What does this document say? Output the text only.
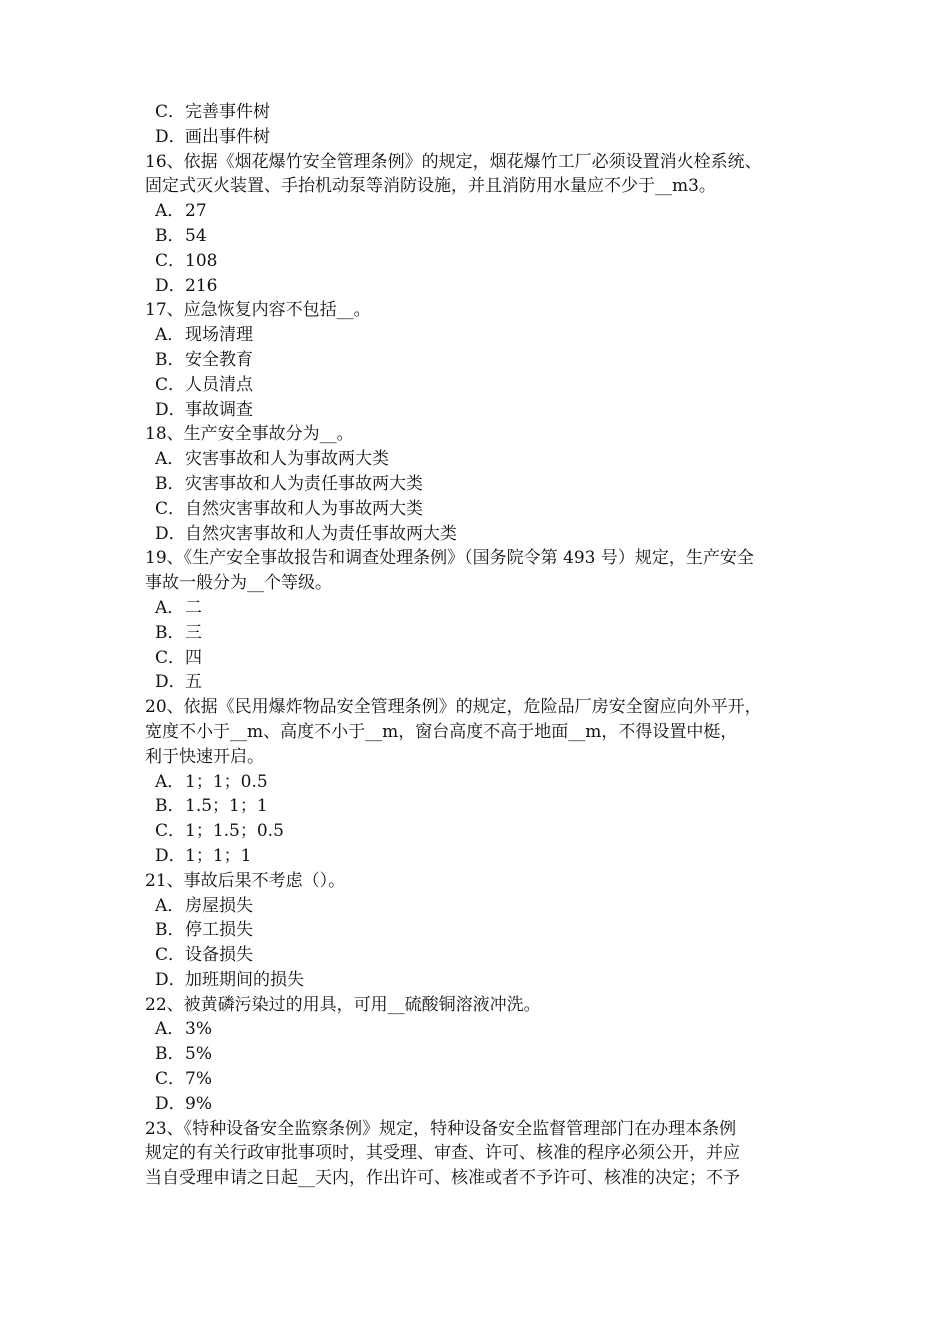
C．完善事件树
D．画出事件树
16、依据《烟花爆竹安全管理条例》的规定，烟花爆竹工厂必须设置消火栓系统、
固定式灭火装置、手抬机动泵等消防设施，并且消防用水量应不少于__m3。
A．27
B．54
C．108
D．216
17、应急恢复内容不包括__。
A．现场清理
B．安全教育
C．人员清点
D．事故调查
18、生产安全事故分为__。
A．灾害事故和人为事故两大类
B．灾害事故和人为责任事故两大类
C．自然灾害事故和人为事故两大类
D．自然灾害事故和人为责任事故两大类
19、《生产安全事故报告和调查处理条例》（国务院令第 493 号）规定，生产安全
事故一般分为__个等级。
A．二
B．三
C．四
D．五
20、依据《民用爆炸物品安全管理条例》的规定，危险品厂房安全窗应向外平开，
宽度不小于__m、高度不小于__m，窗台高度不高于地面__m，不得设置中梃，
利于快速开启。
A．1；1；0.5
B．1.5；1；1
C．1；1.5；0.5
D．1；1；1
21、事故后果不考虑（）。
A．房屋损失
B．停工损失
C．设备损失
D．加班期间的损失
22、被黄磷污染过的用具，可用__硫酸铜溶液冲洗。
A．3%
B．5%
C．7%
D．9%
23、《特种设备安全监察条例》规定，特种设备安全监督管理部门在办理本条例
规定的有关行政审批事项时，其受理、审查、许可、核准的程序必须公开，并应
当自受理申请之日起__天内，作出许可、核准或者不予许可、核准的决定；不予
